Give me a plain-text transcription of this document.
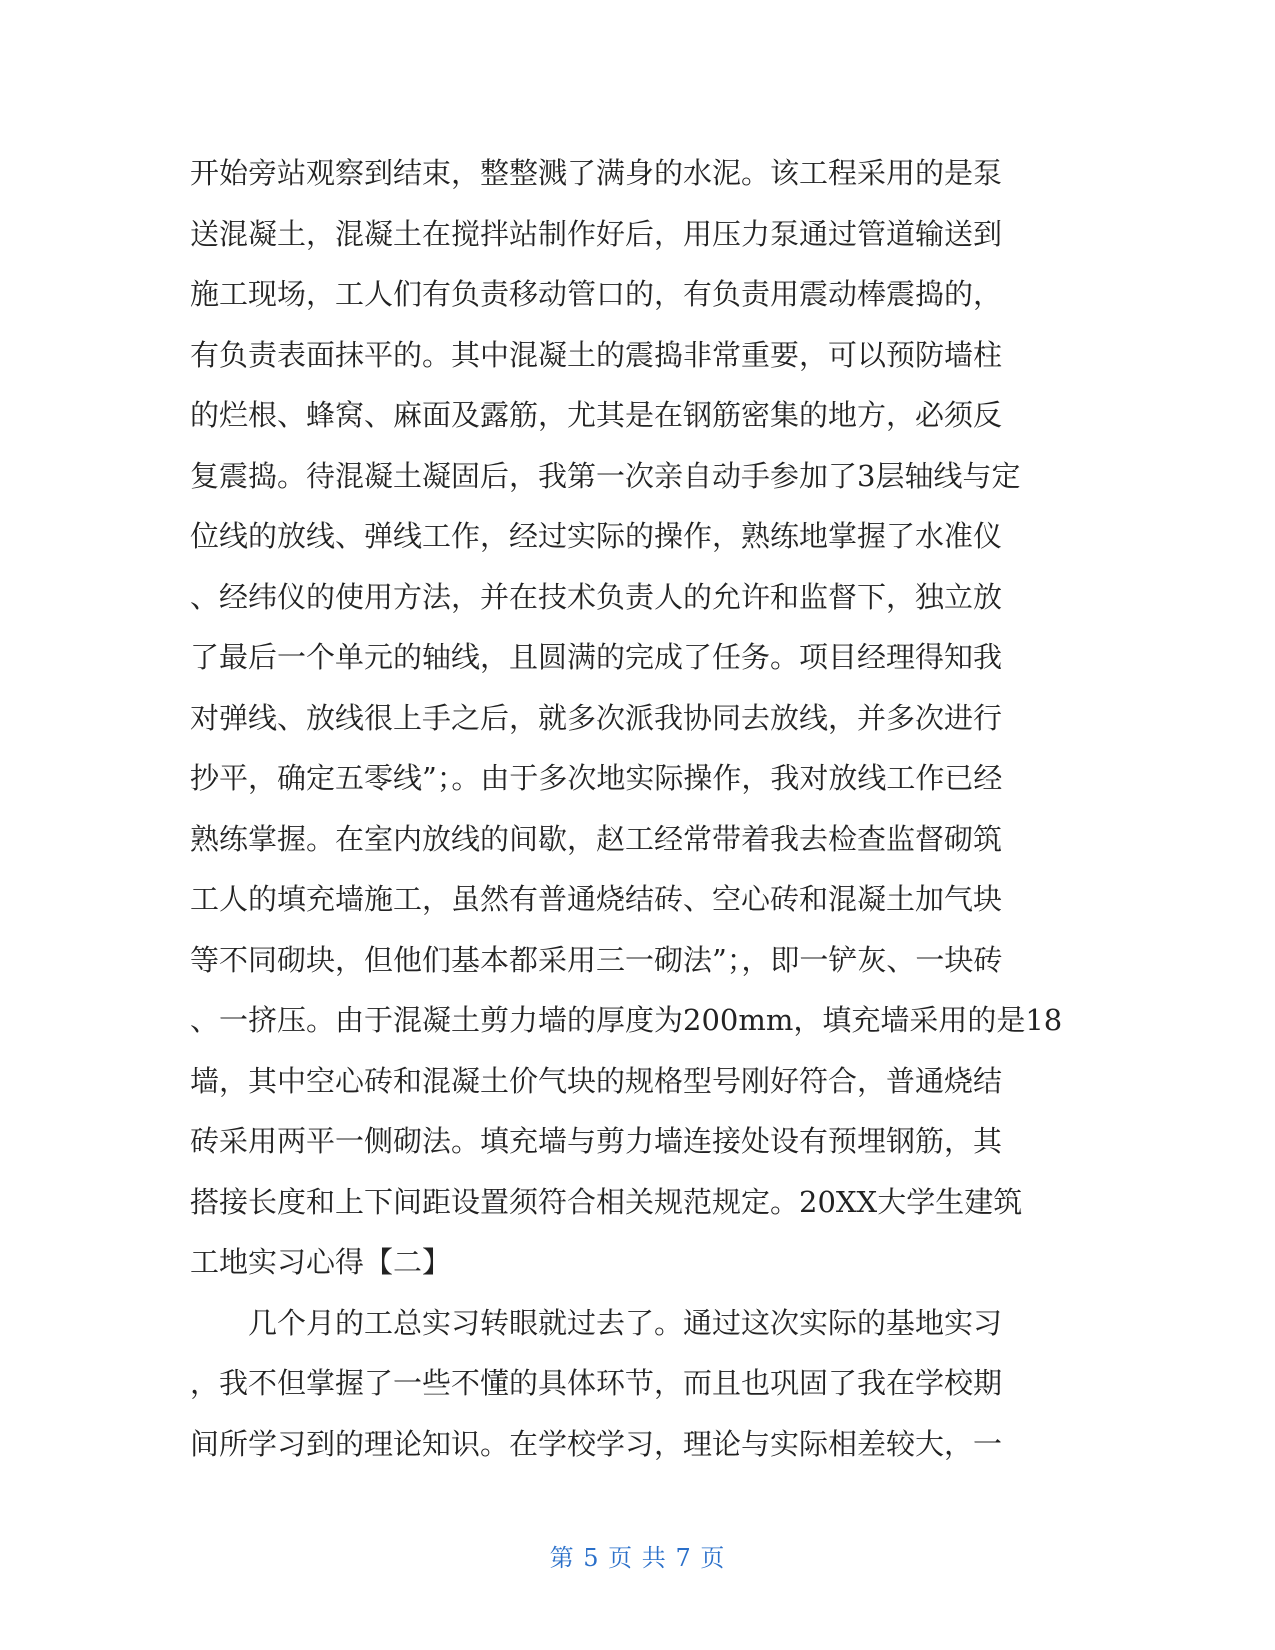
开始旁站观察到结束，整整溅了满身的水泥。该工程采用的是泵
送混凝土，混凝土在搅拌站制作好后，用压力泵通过管道输送到
施工现场，工人们有负责移动管口的，有负责用震动棒震捣的，
有负责表面抹平的。其中混凝土的震捣非常重要，可以预防墙柱
的烂根、蜂窝、麻面及露筋，尤其是在钢筋密集的地方，必须反
复震捣。待混凝土凝固后，我第一次亲自动手参加了3层轴线与定
位线的放线、弹线工作，经过实际的操作，熟练地掌握了水准仪
、经纬仪的使用方法，并在技术负责人的允许和监督下，独立放
了最后一个单元的轴线，且圆满的完成了任务。项目经理得知我
对弹线、放线很上手之后，就多次派我协同去放线，并多次进行
抄平，确定五零线”；。由于多次地实际操作，我对放线工作已经
熟练掌握。在室内放线的间歇，赵工经常带着我去检查监督砌筑
工人的填充墙施工，虽然有普通烧结砖、空心砖和混凝土加气块
等不同砌块，但他们基本都采用三一砌法”；，即一铲灰、一块砖
、一挤压。由于混凝土剪力墙的厚度为200mm，填充墙采用的是18
墙，其中空心砖和混凝土价气块的规格型号刚好符合，普通烧结
砖采用两平一侧砌法。填充墙与剪力墙连接处设有预埋钢筋，其
搭接长度和上下间距设置须符合相关规范规定。20XX大学生建筑
工地实习心得【二】
几个月的工总实习转眼就过去了。通过这次实际的基地实习
，我不但掌握了一些不懂的具体环节，而且也巩固了我在学校期
间所学习到的理论知识。在学校学习，理论与实际相差较大，一
第 5 页 共 7 页
